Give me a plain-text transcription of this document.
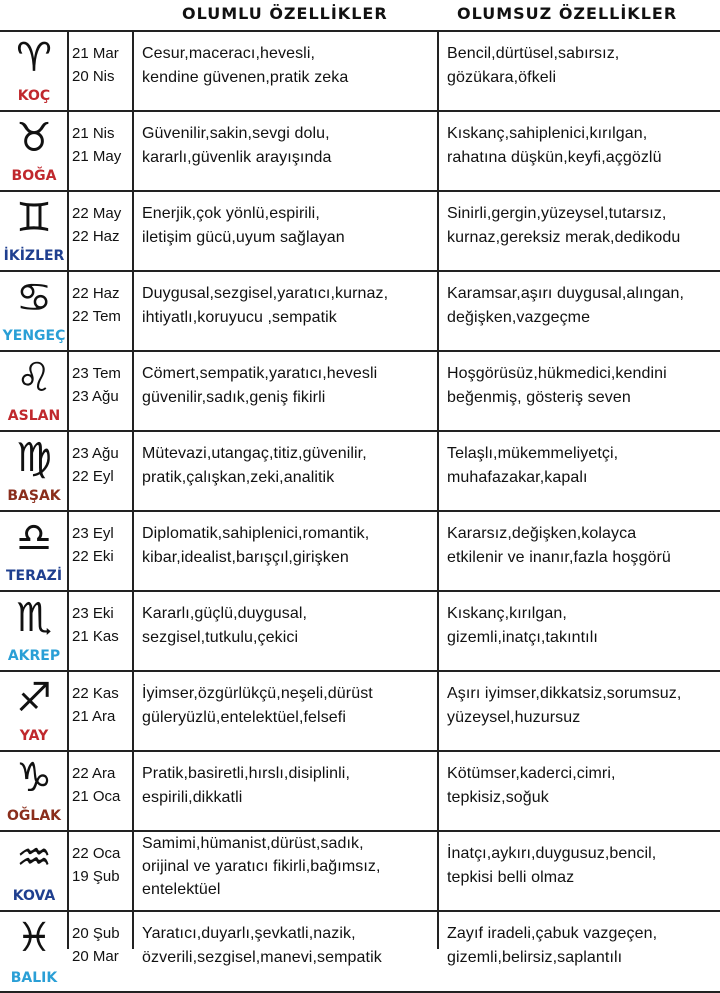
OLUMLU ÖZELLİKLER	OLUMSUZ ÖZELLİKLER
♈
KOÇ
21 Mar
20 Nis
Cesur,maceracı,hevesli,
kendine güvenen,pratik zeka
Bencil,dürtüsel,sabırsız,
gözükara,öfkeli
♉
BOĞA
21 Nis
21 May
Güvenilir,sakin,sevgi dolu,
kararlı,güvenlik arayışında
Kıskanç,sahiplenici,kırılgan,
rahatına düşkün,keyfi,açgözlü
♊
İKİZLER
22 May
22 Haz
Enerjik,çok yönlü,espirili,
iletişim gücü,uyum sağlayan
Sinirli,gergin,yüzeysel,tutarsız,
kurnaz,gereksiz merak,dedikodu
♋
YENGEÇ
22 Haz
22 Tem
Duygusal,sezgisel,yaratıcı,kurnaz,
ihtiyatlı,koruyucu ,sempatik
Karamsar,aşırı duygusal,alıngan,
değişken,vazgeçme
♌
ASLAN
23 Tem
23 Ağu
Cömert,sempatik,yaratıcı,hevesli
güvenilir,sadık,geniş fikirli
Hoşgörüsüz,hükmedici,kendini
beğenmiş, gösteriş seven
♍
BAŞAK
23 Ağu
22 Eyl
Mütevazi,utangaç,titiz,güvenilir,
pratik,çalışkan,zeki,analitik
Telaşlı,mükemmeliyetçi,
muhafazakar,kapalı
♎
TERAZİ
23 Eyl
22 Eki
Diplomatik,sahiplenici,romantik,
kibar,idealist,barışçıl,girişken
Kararsız,değişken,kolayca
etkilenir ve inanır,fazla hoşgörü
♏
AKREP
23 Eki
21 Kas
Kararlı,güçlü,duygusal,
sezgisel,tutkulu,çekici
Kıskanç,kırılgan,
gizemli,inatçı,takıntılı
♐
YAY
22 Kas
21 Ara
İyimser,özgürlükçü,neşeli,dürüst
güleryüzlü,entelektüel,felsefi
Aşırı iyimser,dikkatsiz,sorumsuz,
yüzeysel,huzursuz
♑
OĞLAK
22 Ara
21 Oca
Pratik,basiretli,hırslı,disiplinli,
espirili,dikkatli
Kötümser,kaderci,cimri,
tepkisiz,soğuk
♒
KOVA
22 Oca
19 Şub
Samimi,hümanist,dürüst,sadık,
orijinal ve yaratıcı fikirli,bağımsız,
entelektüel
İnatçı,aykırı,duygusuz,bencil,
tepkisi belli olmaz
♓
BALIK
20 Şub
20 Mar
Yaratıcı,duyarlı,şevkatli,nazik,
özverili,sezgisel,manevi,sempatik
Zayıf iradeli,çabuk vazgeçen,
gizemli,belirsiz,saplantılı
